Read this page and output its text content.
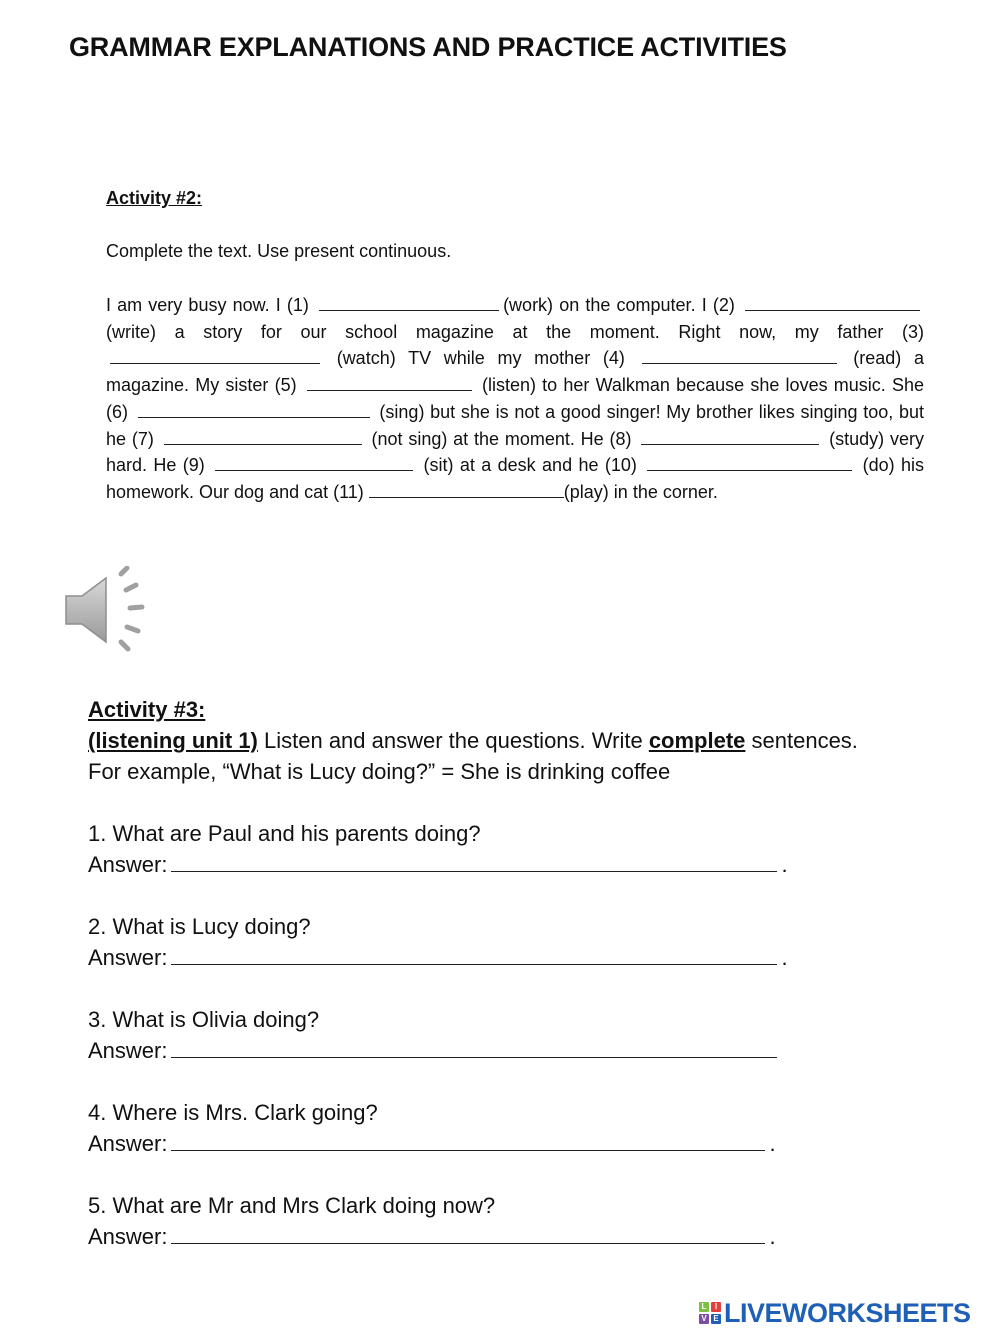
GRAMMAR EXPLANATIONS AND PRACTICE ACTIVITIES
Activity #2:
Complete the text. Use present continuous.
I am very busy now. I (1)	(work) on the computer. I (2)  (write) a story for our school magazine at the moment. Right now, my father (3)  (watch) TV while my mother (4)	(read) a magazine. My sister (5)	(listen) to her Walkman because she loves music. She (6)	(sing) but she is not a good singer! My brother likes singing too, but he (7)	(not sing) at the moment. He (8)	(study) very hard. He (9)	(sit) at a desk and he (10)	(do) his homework. Our dog and cat (11)	(play) in the corner.
Activity #3:
(listening unit 1) Listen and answer the questions. Write complete sentences.
For example, “What is Lucy doing?” = She is drinking coffee
1. What are Paul and his parents doing?
Answer:	.
2. What is Lucy doing?
Answer:	.
3. What is Olivia doing?
Answer:
4. Where is Mrs. Clark going?
Answer:	.
5. What are Mr and Mrs Clark doing now?
Answer:	.
L	I
V E LIVEWORKSHEETS
